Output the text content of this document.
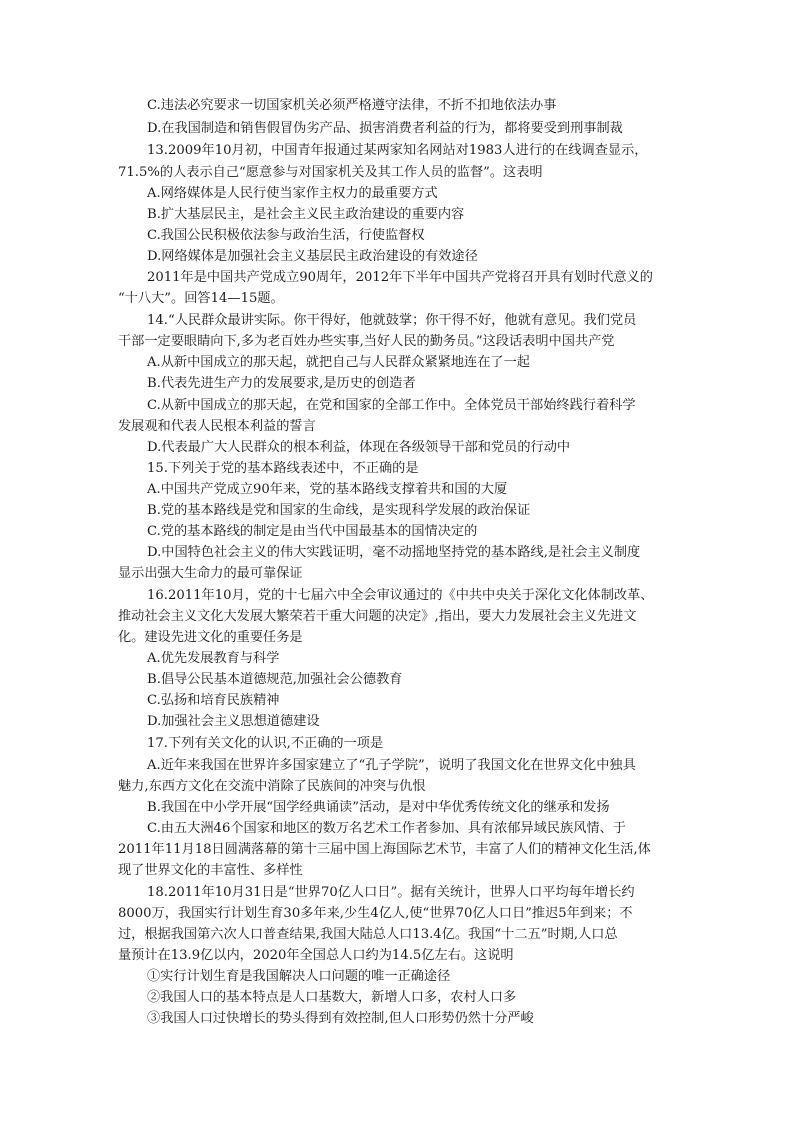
C.违法必究要求一切国家机关必须严格遵守法律，不折不扣地依法办事
D.在我国制造和销售假冒伪劣产品、损害消费者利益的行为，都将要受到刑事制裁
13.2009年10月初，中国青年报通过某两家知名网站对1983人进行的在线调查显示，
71.5%的人表示自己“愿意参与对国家机关及其工作人员的监督”。这表明
A.网络媒体是人民行使当家作主权力的最重要方式
B.扩大基层民主，是社会主义民主政治建设的重要内容
C.我国公民积极依法参与政治生活，行使监督权
D.网络媒体是加强社会主义基层民主政治建设的有效途径
2011年是中国共产党成立90周年，2012年下半年中国共产党将召开具有划时代意义的
“十八大”。回答14—15题。
14.“人民群众最讲实际。你干得好，他就鼓掌；你干得不好，他就有意见。我们党员
干部一定要眼睛向下,多为老百姓办些实事,当好人民的勤务员。”这段话表明中国共产党
A.从新中国成立的那天起，就把自己与人民群众紧紧地连在了一起
B.代表先进生产力的发展要求,是历史的创造者
C.从新中国成立的那天起，在党和国家的全部工作中。全体党员干部始终践行着科学
发展观和代表人民根本利益的誓言
D.代表最广大人民群众的根本利益，体现在各级领导干部和党员的行动中
15.下列关于党的基本路线表述中，不正确的是
A.中国共产党成立90年来，党的基本路线支撑着共和国的大厦
B.党的基本路线是党和国家的生命线，是实现科学发展的政治保证
C.党的基本路线的制定是由当代中国最基本的国情决定的
D.中国特色社会主义的伟大实践证明，毫不动摇地坚持党的基本路线,是社会主义制度
显示出强大生命力的最可靠保证
16.2011年10月，党的十七届六中全会审议通过的《中共中央关于深化文化体制改革、
推动社会主义文化大发展大繁荣若干重大问题的决定》,指出，要大力发展社会主义先进文
化。建设先进文化的重要任务是
A.优先发展教育与科学
B.倡导公民基本道德规范,加强社会公德教育
C.弘扬和培育民族精神
D.加强社会主义思想道德建设
17.下列有关文化的认识,不正确的一项是
A.近年来我国在世界许多国家建立了“孔子学院”，说明了我国文化在世界文化中独具
魅力,东西方文化在交流中消除了民族间的冲突与仇恨
B.我国在中小学开展“国学经典诵读”活动，是对中华优秀传统文化的继承和发扬
C.由五大洲46个国家和地区的数万名艺术工作者参加、具有浓郁异域民族风情、于
2011年11月18日圆满落幕的第十三届中国上海国际艺术节，丰富了人们的精神文化生活,体
现了世界文化的丰富性、多样性
18.2011年10月31日是“世界70亿人口日”。据有关统计，世界人口平均每年增长约
8000万，我国实行计划生育30多年来,少生4亿人,使“世界70亿人口日”推迟5年到来；不
过，根据我国第六次人口普查结果,我国大陆总人口13.4亿。我国“十二五”时期,人口总
量预计在13.9亿以内，2020年全国总人口约为14.5亿左右。这说明
①实行计划生育是我国解决人口问题的唯一正确途径
②我国人口的基本特点是人口基数大，新增人口多，农村人口多
③我国人口过快增长的势头得到有效控制,但人口形势仍然十分严峻
